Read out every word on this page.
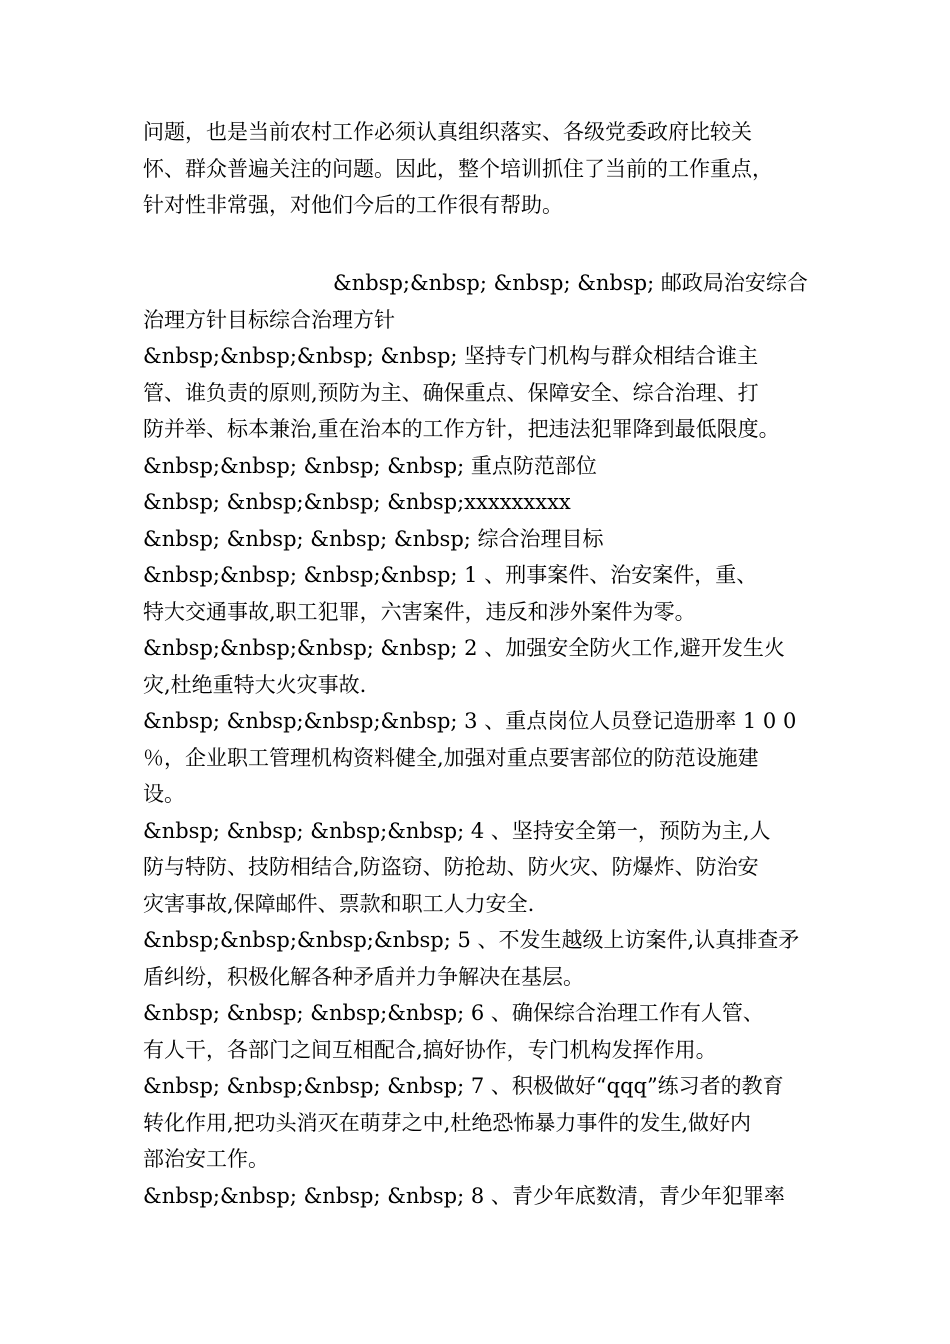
问题，也是当前农村工作必须认真组织落实、各级党委政府比较关
怀、群众普遍关注的问题。因此，整个培训抓住了当前的工作重点，
针对性非常强，对他们今后的工作很有帮助。
&nbsp;&nbsp; &nbsp; &nbsp; 邮政局治安综合
治理方针目标综合治理方针
&nbsp;&nbsp;&nbsp; &nbsp; 坚持专门机构与群众相结合谁主
管、谁负责的原则,预防为主、确保重点、保障安全、综合治理、打
防并举、标本兼治,重在治本的工作方针，把违法犯罪降到最低限度。
&nbsp;&nbsp; &nbsp; &nbsp; 重点防范部位
&nbsp; &nbsp;&nbsp; &nbsp;xxxxxxxxx
&nbsp; &nbsp; &nbsp; &nbsp; 综合治理目标
&nbsp;&nbsp; &nbsp;&nbsp; 1 、刑事案件、治安案件，重、
特大交通事故,职工犯罪，六害案件，违反和涉外案件为零。
&nbsp;&nbsp;&nbsp; &nbsp; 2 、加强安全防火工作,避开发生火
灾,杜绝重特大火灾事故.
&nbsp; &nbsp;&nbsp;&nbsp; 3 、重点岗位人员登记造册率 1 0 0
％，企业职工管理机构资料健全,加强对重点要害部位的防范设施建
设。
&nbsp; &nbsp; &nbsp;&nbsp; 4 、坚持安全第一，预防为主,人
防与特防、技防相结合,防盗窃、防抢劫、防火灾、防爆炸、防治安
灾害事故,保障邮件、票款和职工人力安全.
&nbsp;&nbsp;&nbsp;&nbsp; 5 、不发生越级上访案件,认真排查矛
盾纠纷，积极化解各种矛盾并力争解决在基层。
&nbsp; &nbsp; &nbsp;&nbsp; 6 、确保综合治理工作有人管、
有人干，各部门之间互相配合,搞好协作，专门机构发挥作用。
&nbsp; &nbsp;&nbsp; &nbsp; 7 、积极做好“qqq”练习者的教育
转化作用,把功头消灭在萌芽之中,杜绝恐怖暴力事件的发生,做好内
部治安工作。
&nbsp;&nbsp; &nbsp; &nbsp; 8 、青少年底数清，青少年犯罪率
